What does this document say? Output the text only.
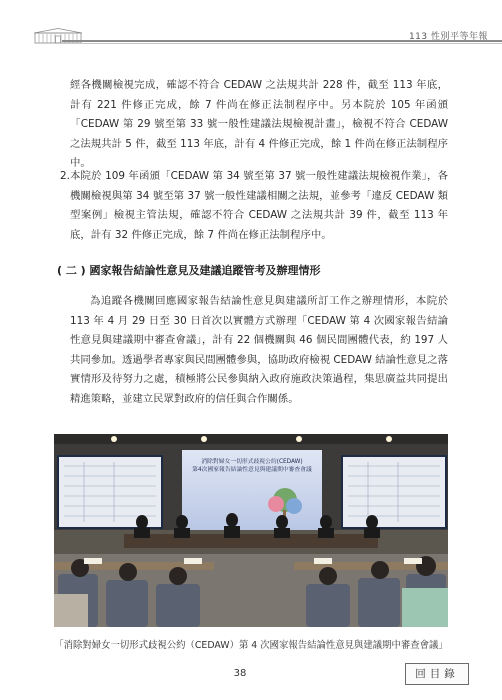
113 性別平等年報

經各機關檢視完成，確認不符合 CEDAW 之法規共計 228 件，截至 113 年底，計有 221 件修正完成，餘 7 件尚在修正法制程序中。另本院於 105 年函頒「CEDAW 第 29 號至第 33 號一般性建議法規檢視計畫」，檢視不符合 CEDAW 之法規共計 5 件，截至 113 年底，計有 4 件修正完成，餘 1 件尚在修正法制程序中。

2. 本院於 109 年函頒「CEDAW 第 34 號至第 37 號一般性建議法規檢視作業」，各機關檢視與第 34 號至第 37 號一般性建議相關之法規，並參考「違反 CEDAW 類型案例」檢視主管法規，確認不符合 CEDAW 之法規共計 39 件，截至 113 年底，計有 32 件修正完成，餘 7 件尚在修正法制程序中。

( 二 ) 國家報告結論性意見及建議追蹤管考及辦理情形

為追蹤各機關回應國家報告結論性意見與建議所訂工作之辦理情形，本院於 113 年 4 月 29 日至 30 日首次以實體方式辦理「CEDAW 第 4 次國家報告結論性意見與建議期中審查會議」，計有 22 個機關與 46 個民間團體代表，約 197 人共同參加。透過學者專家與民間團體參與，協助政府檢視 CEDAW 結論性意見之落實情形及待努力之處，積極將公民參與納入政府施政決策過程，集思廣益共同提出精進策略，並建立民眾對政府的信任與合作關係。

消除對婦女一切形式歧視公約(CEDAW)
第4次國家報告結論性意見與建議期中審查會議
「消除對婦女一切形式歧視公約（CEDAW）第 4 次國家報告結論性意見與建議期中審查會議」
38	回目錄
